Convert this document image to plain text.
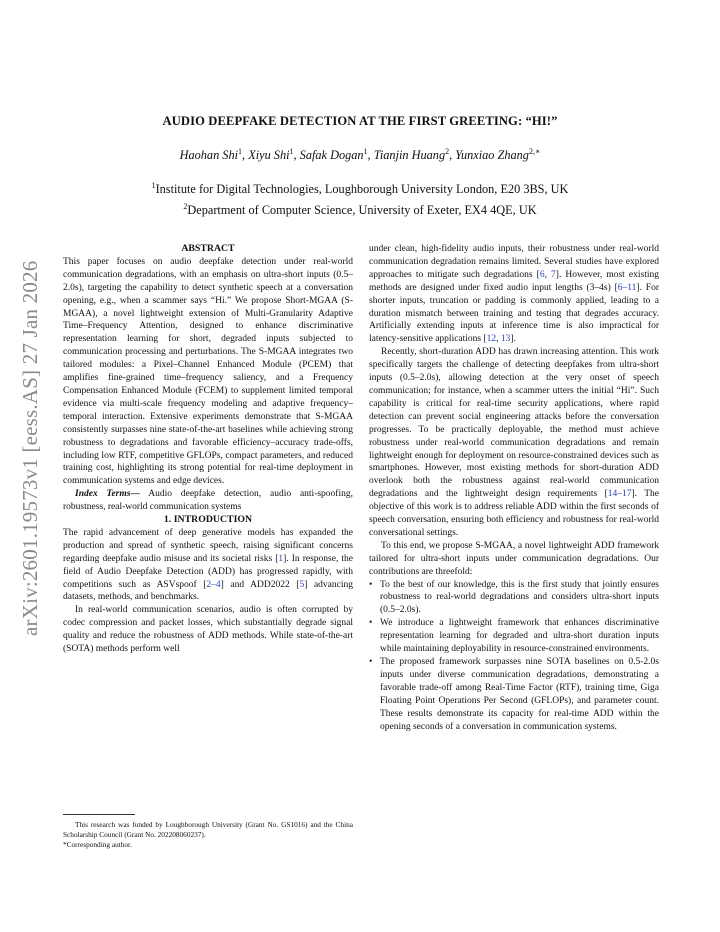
arXiv:2601.19573v1 [eess.AS] 27 Jan 2026
AUDIO DEEPFAKE DETECTION AT THE FIRST GREETING: “HI!”
Haohan Shi$^1$, Xiyu Shi$^1$, Safak Dogan$^1$, Tianjin Huang$^2$, Yunxiao Zhang$^{2,∗}$
$^1$Institute for Digital Technologies, Loughborough University London, E20 3BS, UK
$^2$Department of Computer Science, University of Exeter, EX4 4QE, UK

ABSTRACT

This paper focuses on audio deepfake detection under real-world communication degradations, with an emphasis on ultra-short inputs (0.5–2.0s), targeting the capability to detect synthetic speech at a conversation opening, e.g., when a scammer says “Hi.” We propose Short-MGAA (S-MGAA), a novel lightweight extension of Multi-Granularity Adaptive Time–Frequency Attention, designed to enhance discriminative representation learning for short, degraded inputs subjected to communication processing and perturbations. The S-MGAA integrates two tailored modules: a Pixel–Channel Enhanced Module (PCEM) that amplifies fine-grained time–frequency saliency, and a Frequency Compensation Enhanced Module (FCEM) to supplement limited temporal evidence via multi-scale frequency modeling and adaptive frequency–temporal interaction. Extensive experiments demonstrate that S-MGAA consistently surpasses nine state-of-the-art baselines while achieving strong robustness to degradations and favorable efficiency–accuracy trade-offs, including low RTF, competitive GFLOPs, compact parameters, and reduced training cost, highlighting its strong potential for real-time deployment in communication systems and edge devices.

Index Terms— Audio deepfake detection, audio anti-spoofing, robustness, real-world communication systems

1. INTRODUCTION

The rapid advancement of deep generative models has expanded the production and spread of synthetic speech, raising significant concerns regarding deepfake audio misuse and its societal risks [1]. In response, the field of Audio Deepfake Detection (ADD) has progressed rapidly, with competitions such as ASVspoof [2–4] and ADD2022 [5] advancing datasets, methods, and benchmarks.

In real-world communication scenarios, audio is often corrupted by codec compression and packet losses, which substantially degrade signal quality and reduce the robustness of ADD methods. While state-of-the-art (SOTA) methods perform well

under clean, high-fidelity audio inputs, their robustness under real-world communication degradation remains limited. Several studies have explored approaches to mitigate such degradations [6, 7]. However, most existing methods are designed under fixed audio input lengths (3–4s) [6–11]. For shorter inputs, truncation or padding is commonly applied, leading to a duration mismatch between training and testing that degrades accuracy. Artificially extending inputs at inference time is also impractical for latency-sensitive applications [12, 13].

Recently, short-duration ADD has drawn increasing attention. This work specifically targets the challenge of detecting deepfakes from ultra-short inputs (0.5–2.0s), allowing detection at the very onset of speech communication; for instance, when a scammer utters the initial “Hi”. Such capability is critical for real-time security applications, where rapid detection can prevent social engineering attacks before the conversation progresses. To be practically deployable, the method must achieve robustness under real-world communication degradations and remain lightweight enough for deployment on resource-constrained devices such as smartphones. However, most existing methods for short-duration ADD overlook both the robustness against real-world communication degradations and the lightweight design requirements [14–17]. The objective of this work is to address reliable ADD within the first seconds of speech conversation, ensuring both efficiency and robustness for real-world conversational settings.

To this end, we propose S-MGAA, a novel lightweight ADD framework tailored for ultra-short inputs under communication degradations. Our contributions are threefold:

• To the best of our knowledge, this is the first study that jointly ensures robustness to real-world degradations and considers ultra-short inputs (0.5–2.0s).
• We introduce a lightweight framework that enhances discriminative representation learning for degraded and ultra-short duration inputs while maintaining deployability in resource-constrained environments.
• The proposed framework surpasses nine SOTA baselines on 0.5-2.0s inputs under diverse communication degradations, demonstrating a favorable trade-off among Real-Time Factor (RTF), training time, Giga Floating Point Operations Per Second (GFLOPs), and parameter count. These results demonstrate its capacity for real-time ADD within the opening seconds of a conversation in communication systems.

This research was funded by Loughborough University (Grant No. GS1016) and the China Scholarship Council (Grant No. 202208060237).

*Corresponding author.
